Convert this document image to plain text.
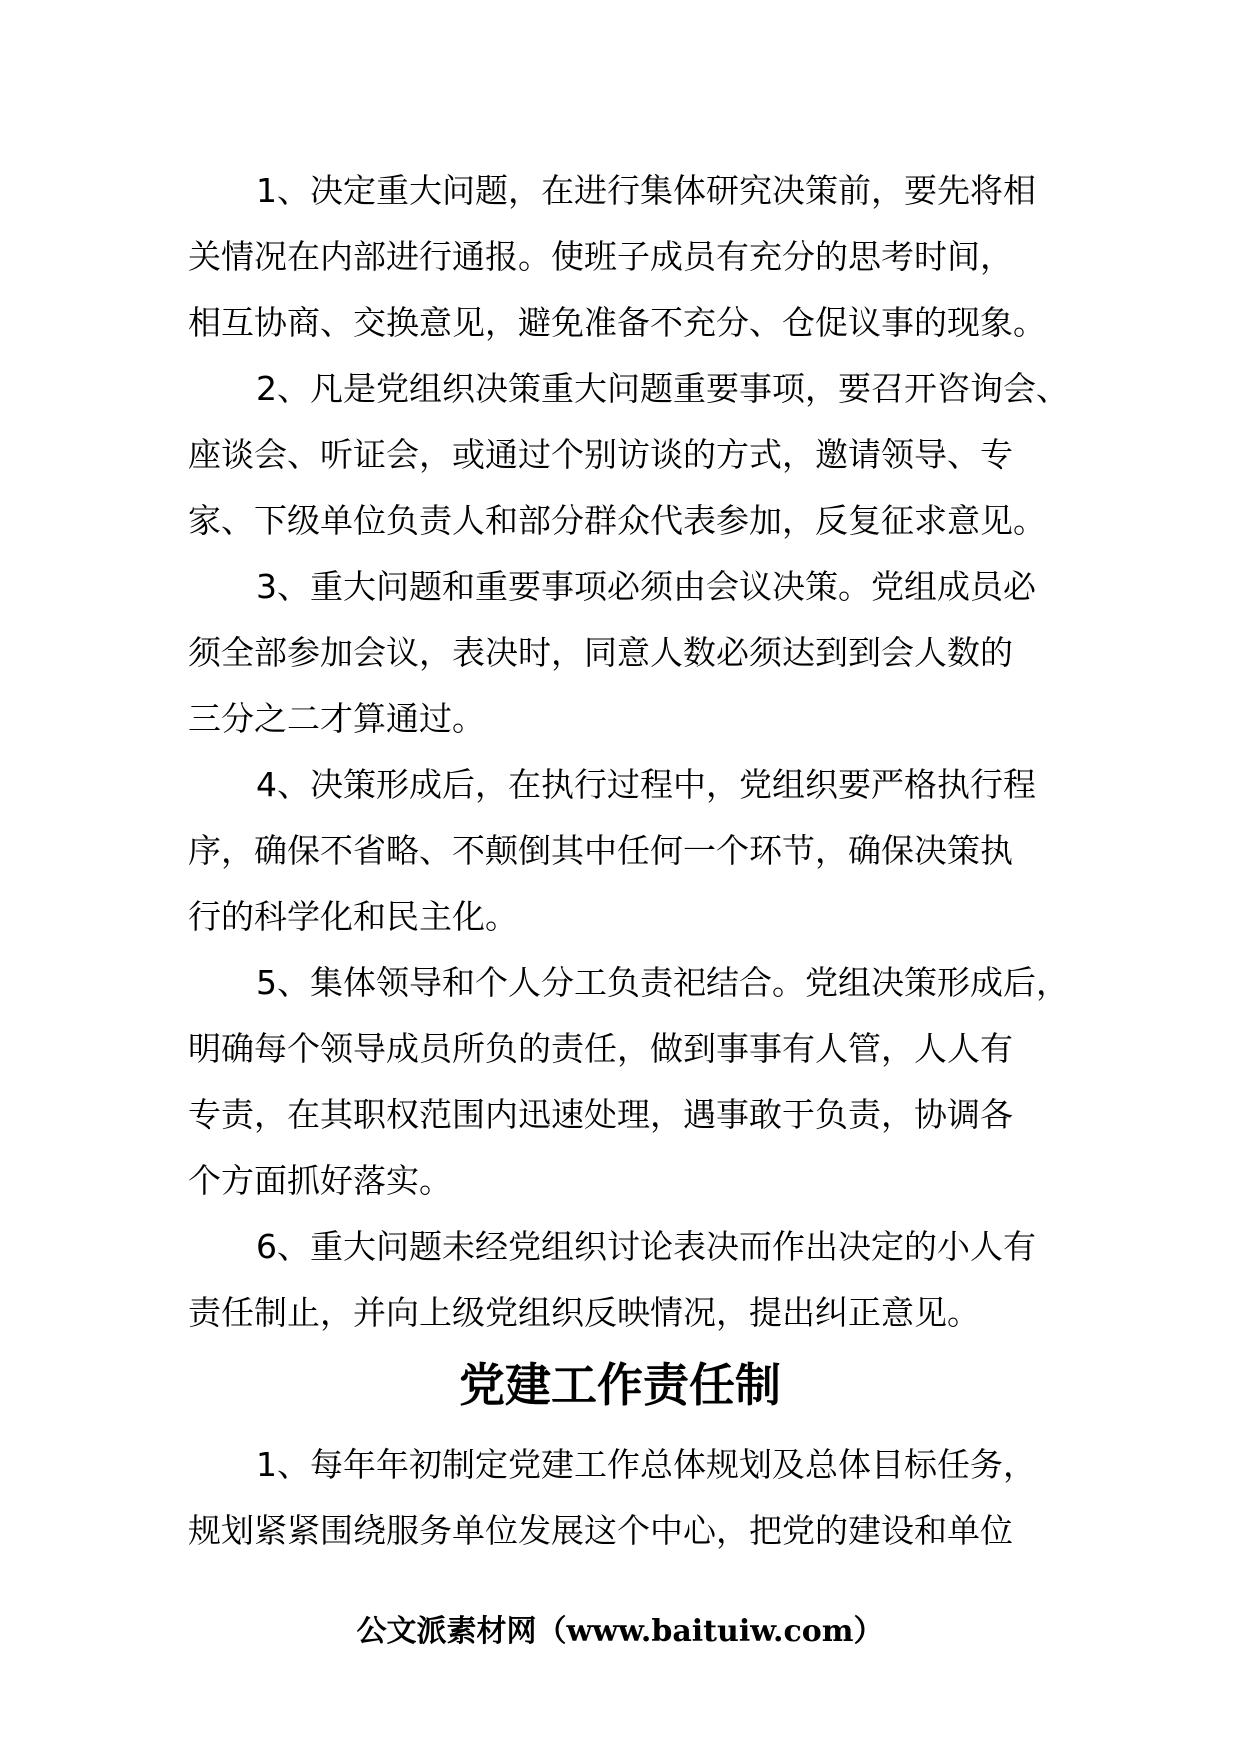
1、决定重大问题，在进行集体研究决策前，要先将相
关情况在内部进行通报。使班子成员有充分的思考时间，
相互协商、交换意见，避免准备不充分、仓促议事的现象。
2、凡是党组织决策重大问题重要事项，要召开咨询会、
座谈会、听证会，或通过个别访谈的方式，邀请领导、专
家、下级单位负责人和部分群众代表参加，反复征求意见。
3、重大问题和重要事项必须由会议决策。党组成员必
须全部参加会议，表决时，同意人数必须达到到会人数的
三分之二才算通过。
4、决策形成后，在执行过程中，党组织要严格执行程
序，确保不省略、不颠倒其中任何一个环节，确保决策执
行的科学化和民主化。
5、集体领导和个人分工负责祀结合。党组决策形成后，
明确每个领导成员所负的责任，做到事事有人管，人人有
专责，在其职权范围内迅速处理，遇事敢于负责，协调各
个方面抓好落实。
6、重大问题未经党组织讨论表决而作出决定的小人有
责任制止，并向上级党组织反映情况，提出纠正意见。
党建工作责任制
1、每年年初制定党建工作总体规划及总体目标任务，
规划紧紧围绕服务单位发展这个中心，把党的建设和单位
公文派素材网（www.baituiw.com）
